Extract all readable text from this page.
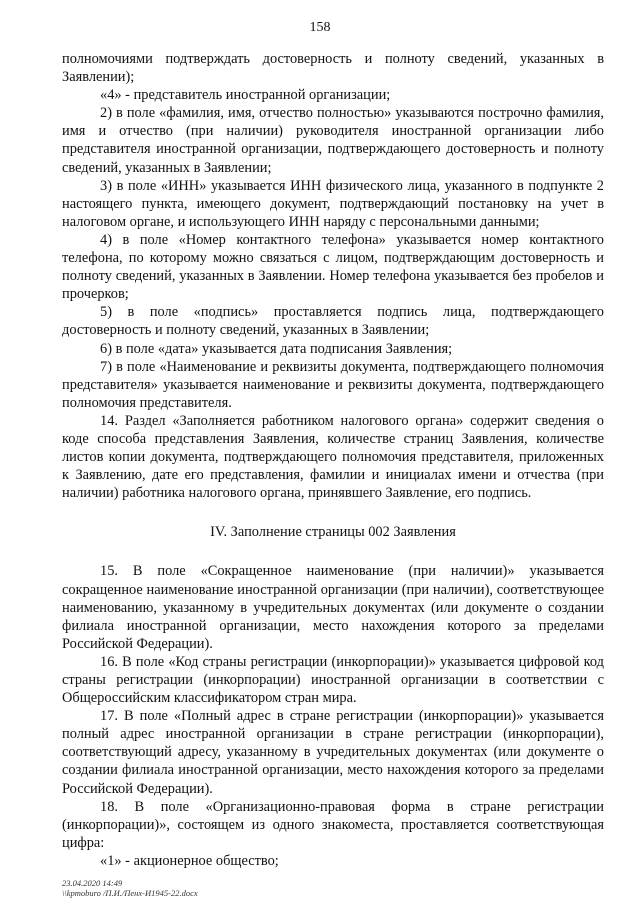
158

полномочиями подтверждать достоверность и полноту сведений, указанных в Заявлении);

«4» - представитель иностранной организации;

2) в поле «фамилия, имя, отчество полностью» указываются построчно фамилия, имя и отчество (при наличии) руководителя иностранной организации либо представителя иностранной организации, подтверждающего достоверность и полноту сведений, указанных в Заявлении;

3) в поле «ИНН» указывается ИНН физического лица, указанного в подпункте 2 настоящего пункта, имеющего документ, подтверждающий постановку на учет в налоговом органе, и использующего ИНН наряду с персональными данными;

4) в поле «Номер контактного телефона» указывается номер контактного телефона, по которому можно связаться с лицом, подтверждающим достоверность и полноту сведений, указанных в Заявлении. Номер телефона указывается без пробелов и прочерков;

5) в поле «подпись» проставляется подпись лица, подтверждающего достоверность и полноту сведений, указанных в Заявлении;

6) в поле «дата» указывается дата подписания Заявления;

7) в поле «Наименование и реквизиты документа, подтверждающего полномочия представителя» указывается наименование и реквизиты документа, подтверждающего полномочия представителя.

14. Раздел «Заполняется работником налогового органа» содержит сведения о коде способа представления Заявления, количестве страниц Заявления, количестве листов копии документа, подтверждающего полномочия представителя, приложенных к Заявлению, дате его представления, фамилии и инициалах имени и отчества (при наличии) работника налогового органа, принявшего Заявление, его подпись.

IV. Заполнение страницы 002 Заявления

15. В поле «Сокращенное наименование (при наличии)» указывается сокращенное наименование иностранной организации (при наличии), соответствующее наименованию, указанному в учредительных документах (или документе о создании филиала иностранной организации, место нахождения которого за пределами Российской Федерации).

16. В поле «Код страны регистрации (инкорпорации)» указывается цифровой код страны регистрации (инкорпорации) иностранной организации в соответствии с Общероссийским классификатором стран мира.

17. В поле «Полный адрес в стране регистрации (инкорпорации)» указывается полный адрес иностранной организации в стране регистрации (инкорпорации), соответствующий адресу, указанному в учредительных документах (или документе о создании филиала иностранной организации, место нахождения которого за пределами Российской Федерации).

18. В поле «Организационно-правовая форма в стране регистрации (инкорпорации)», состоящем из одного знакоместа, проставляется соответствующая цифра:

«1» - акционерное общество;

23.04.2020 14:49
\\kpmoburo /П.И./Пенх-И1945-22.docx
